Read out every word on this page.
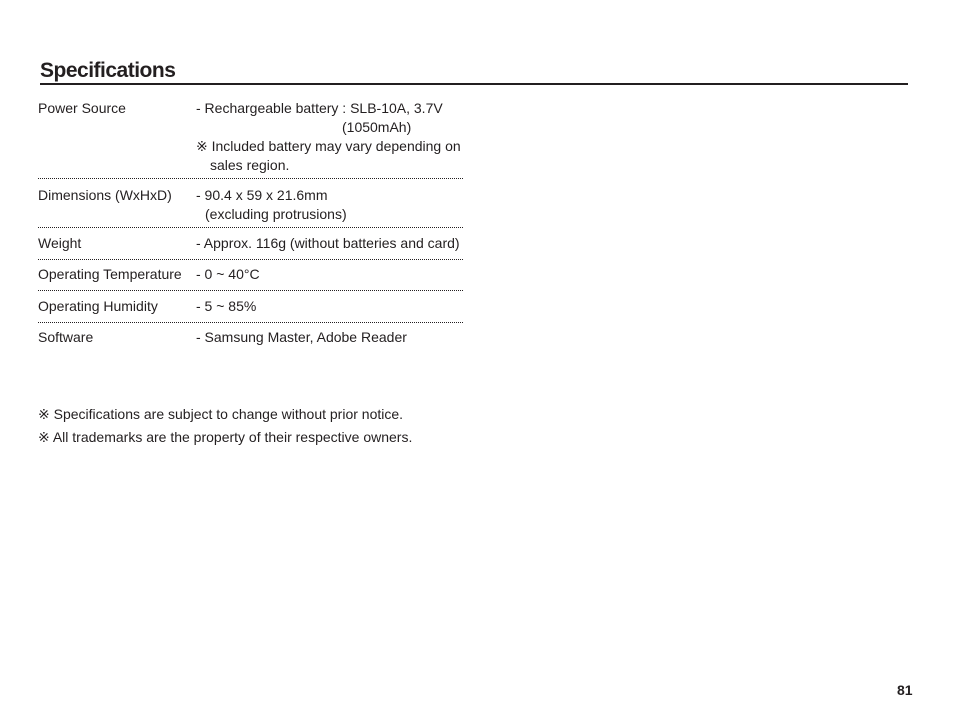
Specifications
Power Source	- Rechargeable battery : SLB-10A, 3.7V
(1050mAh)
※ Included battery may vary depending on
sales region.
Dimensions (WxHxD) - 90.4 x 59 x 21.6mm
(excluding protrusions)
Weight	- Approx. 116g (without batteries and card)
Operating Temperature - 0 ~ 40°C
Operating Humidity	- 5 ~ 85%
Software	- Samsung Master, Adobe Reader
※ Specifications are subject to change without prior notice.
※ All trademarks are the property of their respective owners.
81
